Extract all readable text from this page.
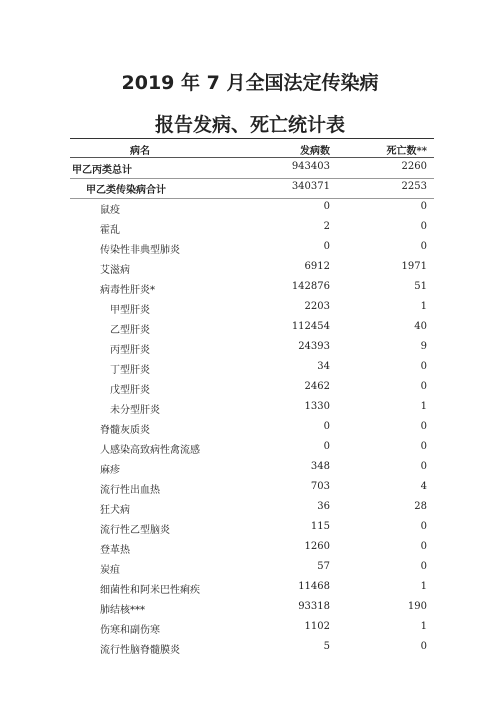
2019 年 7 月全国法定传染病
报告发病、死亡统计表
病名	发病数	死亡数**
甲乙丙类总计	943403	2260
甲乙类传染病合计	340371	2253
鼠疫	0	0
霍乱	2	0
传染性非典型肺炎	0	0
艾滋病	6912	1971
病毒性肝炎*	142876	51
甲型肝炎	2203	1
乙型肝炎	112454	40
丙型肝炎	24393	9
丁型肝炎	34	0
戊型肝炎	2462	0
未分型肝炎	1330	1
脊髓灰质炎	0	0
人感染高致病性禽流感	0	0
麻疹	348	0
流行性出血热	703	4
狂犬病	36	28
流行性乙型脑炎	115	0
登革热	1260	0
炭疽	57	0
细菌性和阿米巴性痢疾	11468	1
肺结核***	93318	190
伤寒和副伤寒	1102	1
流行性脑脊髓膜炎	5	0
